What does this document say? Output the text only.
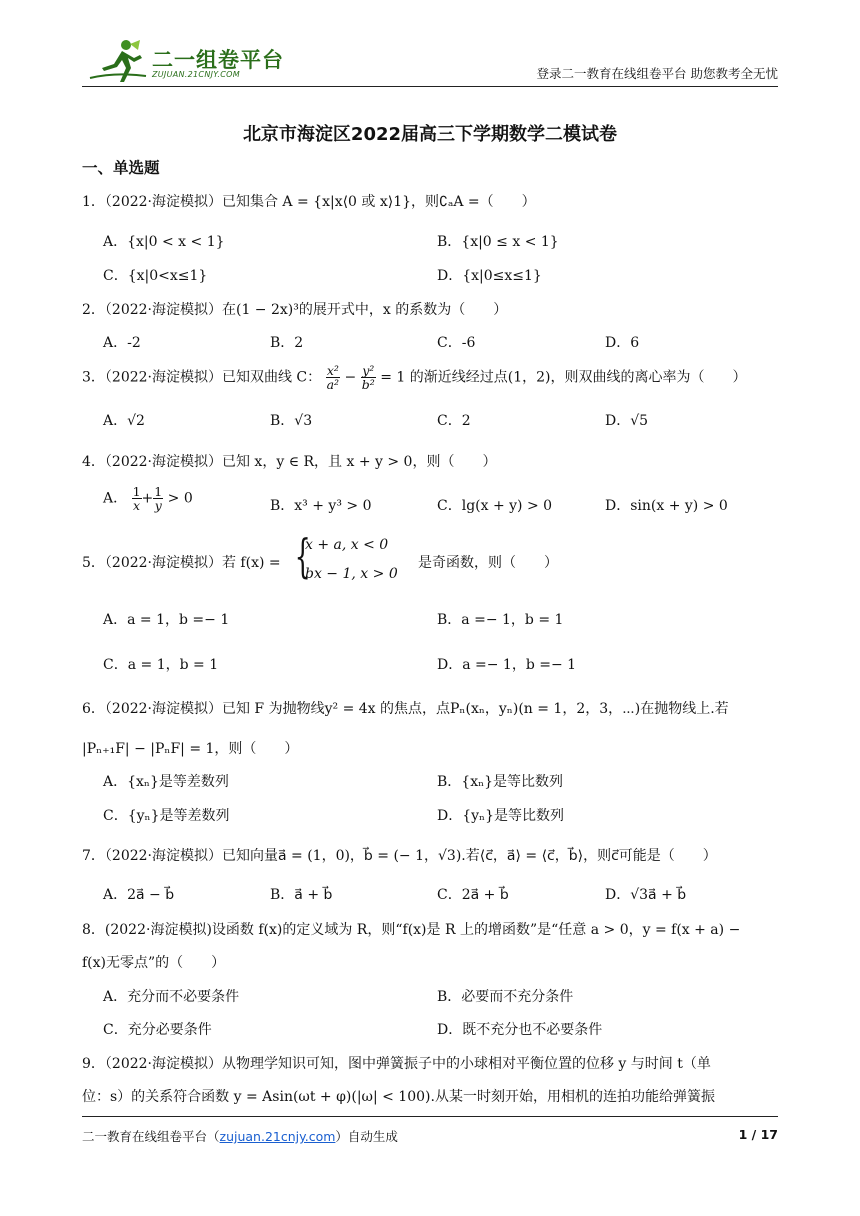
二一组卷平台
ZUJUAN.21CNJY.COM	登录二一教育在线组卷平台 助您教考全无忧
北京市海淀区2022届高三下学期数学二模试卷
一、单选题
1．（2022·海淀模拟）已知集合 A = {x|x⟨0 或 x⟩1}，则∁ₐA =（　　）
A．{x|0 < x < 1}	B．{x|0 ≤ x < 1}
C．{x|0<x≤1}	D．{x|0≤x≤1}
2．（2022·海淀模拟）在(1 − 2x)³的展开式中，x 的系数为（　　）
A．-2	B．2	C．-6	D．6
3．（2022·海淀模拟）已知双曲线 C： $\frac{\text{x²}}{\text{a²}} - \frac{\text{y²}}{\text{b²}} = 1$ 的渐近线经过点(1，2)，则双曲线的离心率为（　　）
A．√2	B．√3	C．2	D．√5
4．（2022·海淀模拟）已知 x，y ∈ R，且 x + y > 0，则（　　）
A． $\frac{1}{x} + \frac{1}{y} > 0$	B．x³ + y³ > 0	C．lg(x + y) > 0	D．sin(x + y) > 0
5．（2022·海淀模拟）若 f(x) = {
x + a, x < 0
bx − 1, x > 0
是奇函数，则（　　）
A．a = 1，b =− 1	B．a =− 1，b = 1
C．a = 1，b = 1	D．a =− 1，b =− 1
6．（2022·海淀模拟）已知 F 为抛物线y² = 4x 的焦点，点Pₙ(xₙ，yₙ)(n = 1，2，3，⋯)在抛物线上.若
|Pₙ₊₁F| − |PₙF| = 1，则（　　）
A．{xₙ}是等差数列	B．{xₙ}是等比数列
C．{yₙ}是等差数列	D．{yₙ}是等比数列
7．（2022·海淀模拟）已知向量a⃗ = (1，0)，b⃗ = (− 1，√3).若⟨c⃗，a⃗⟩ = ⟨c⃗，b⃗⟩，则c⃗可能是（　　）
A．2a⃗ − b⃗	B．a⃗ + b⃗	C．2a⃗ + b⃗	D．√3a⃗ + b⃗
8．(2022·海淀模拟)设函数 f(x)的定义域为 R，则“f(x)是 R 上的增函数”是“任意 a > 0，y = f(x + a) −
f(x)无零点”的（　　）
A．充分而不必要条件	B．必要而不充分条件
C．充分必要条件	D．既不充分也不必要条件
9．（2022·海淀模拟）从物理学知识可知，图中弹簧振子中的小球相对平衡位置的位移 y 与时间 t（单
位：s）的关系符合函数 y = Asin(ωt + φ)(|ω| < 100).从某一时刻开始，用相机的连拍功能给弹簧振
二一教育在线组卷平台（zujuan.21cnjy.com）自动生成	1 / 17
